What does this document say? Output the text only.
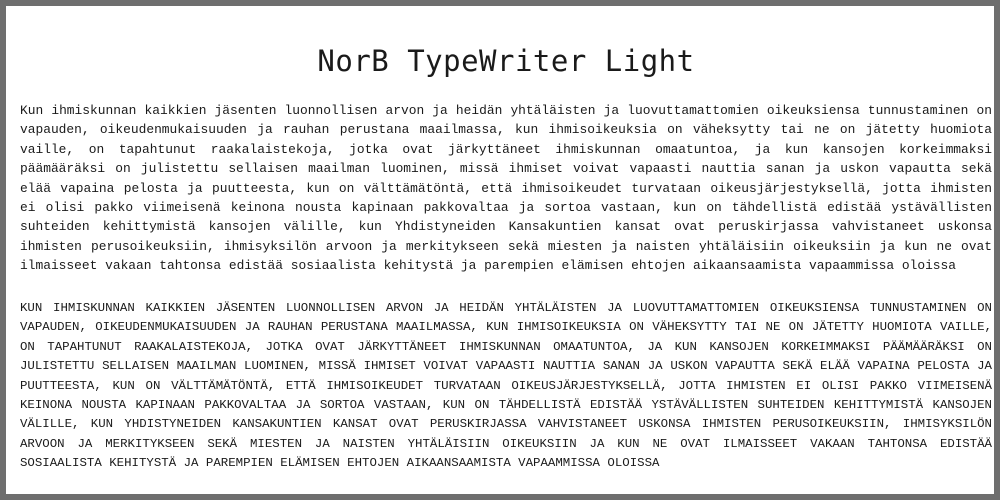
NorB TypeWriter Light
Kun ihmiskunnan kaikkien jäsenten luonnollisen arvon ja heidän yhtäläisten ja luovuttamattomien oikeuksiensa tunnustaminen on vapauden, oikeudenmukaisuuden ja rauhan perustana maailmassa, kun ihmisoikeuksia on väheksytty tai ne on jätetty huomiota vaille, on tapahtunut raakalaistekoja, jotka ovat järkyttäneet ihmiskunnan omaatuntoa, ja kun kansojen korkeimmaksi päämääräksi on julistettu sellaisen maailman luominen, missä ihmiset voivat vapaasti nauttia sanan ja uskon vapautta sekä elää vapaina pelosta ja puutteesta, kun on välttämätöntä, että ihmisoikeudet turvataan oikeusjärjestyksellä, jotta ihmisten ei olisi pakko viimeisenä keinona nousta kapinaan pakkovaltaa ja sortoa vastaan, kun on tähdellistä edistää ystävällisten suhteiden kehittymistä kansojen välille, kun Yhdistyneiden Kansakuntien kansat ovat peruskirjassa vahvistaneet uskonsa ihmisten perusoikeuksiin, ihmisyksilön arvoon ja merkitykseen sekä miesten ja naisten yhtäläisiin oikeuksiin ja kun ne ovat ilmaisseet vakaan tahtonsa edistää sosiaalista kehitystä ja parempien elämisen ehtojen aikaansaamista vapaammissa oloissa
KUN IHMISKUNNAN KAIKKIEN JÄSENTEN LUONNOLLISEN ARVON JA HEIDÄN YHTÄLÄISTEN JA LUOVUTTAMATTOMIEN OIKEUKSIENSA TUNNUSTAMINEN ON VAPAUDEN, OIKEUDENMUKAISUUDEN JA RAUHAN PERUSTANA MAAILMASSA, KUN IHMISOIKEUKSIA ON VÄHEKSYTTY TAI NE ON JÄTETTY HUOMIOTA VAILLE, ON TAPAHTUNUT RAAKALAISTEKOJA, JOTKA OVAT JÄRKYTTÄNEET IHMISKUNNAN OMAATUNTOA, JA KUN KANSOJEN KORKEIMMAKSI PÄÄMÄÄRÄKSI ON JULISTETTU SELLAISEN MAAILMAN LUOMINEN, MISSÄ IHMISET VOIVAT VAPAASTI NAUTTIA SANAN JA USKON VAPAUTTA SEKÄ ELÄÄ VAPAINA PELOSTA JA PUUTTEESTA, KUN ON VÄLTTÄMÄTÖNTÄ, ETTÄ IHMISOIKEUDET TURVATAAN OIKEUSJÄRJESTYKSELLÄ, JOTTA IHMISTEN EI OLISI PAKKO VIIMEISENÄ KEINONA NOUSTA KAPINAAN PAKKOVALTAA JA SORTOA VASTAAN, KUN ON TÄHDELLISTÄ EDISTÄÄ YSTÄVÄLLISTEN SUHTEIDEN KEHITTYMISTÄ KANSOJEN VÄLILLE, KUN YHDISTYNEIDEN KANSAKUNTIEN KANSAT OVAT PERUSKIRJASSA VAHVISTANEET USKONSA IHMISTEN PERUSOIKEUKSIIN, IHMISYKSILÖN ARVOON JA MERKITYKSEEN SEKÄ MIESTEN JA NAISTEN YHTÄLÄISIIN OIKEUKSIIN JA KUN NE OVAT ILMAISSEET VAKAAN TAHTONSA EDISTÄÄ SOSIAALISTA KEHITYSTÄ JA PAREMPIEN ELÄMISEN EHTOJEN AIKAANSAAMISTA VAPAAMMISSA OLOISSA
